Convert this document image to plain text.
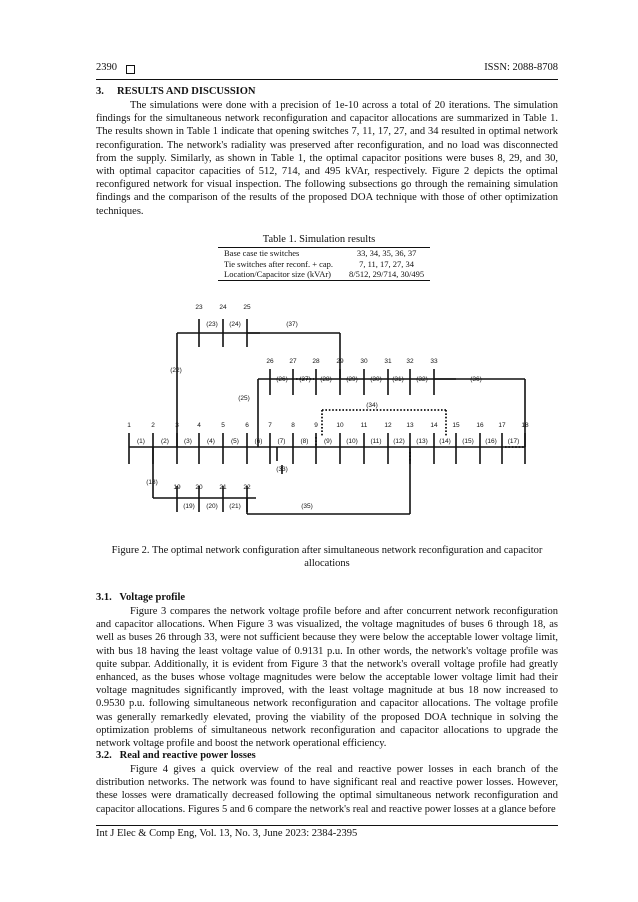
2390	ISSN: 2088-8708
3.     RESULTS AND DISCUSSION

The simulations were done with a precision of 1e-10 across a total of 20 iterations. The simulation findings for the simultaneous network reconfiguration and capacitor allocations are summarized in Table 1. The results shown in Table 1 indicate that opening switches 7, 11, 17, 27, and 34 resulted in optimal network reconfiguration. The network's radiality was preserved after reconfiguration, and no load was disconnected from the supply. Similarly, as shown in Table 1, the optimal capacitor positions were buses 8, 29, and 30, with optimal capacitor capacities of 512, 714, and 495 kVAr, respectively. Figure 2 depicts the optimal reconfigured network for visual inspection. The following subsections go through the remaining simulation findings and the comparison of the results of the proposed DOA technique with those of other optimization techniques.

Table 1. Simulation results
Base case tie switches	33, 34, 35, 36, 37
Tie switches after reconf. + cap.	7, 11, 17, 27, 34
Location/Capacitor size (kVAr)	8/512, 29/714, 30/495
1	2	3	4	5	6	7	8	9	10	11	12 13	14 15	16 17 18
(1) (2) (3) (4) (5) (6) (7) (8) (9) (10) (11) (12) (13) (14) (15) (16) (17)
19 20	21	22
(18)
(19) (20) (21)	(35)
23	24	25
(22)
(23) (24)	(37)
(25)
26 27 28	29	30	31 32	33
(26) (27) (28) (29) (30) (31) (32)	(36)
(33)
(34)
Figure 2. The optimal network configuration after simultaneous network reconfiguration and capacitor allocations
3.1.   Voltage profile

Figure 3 compares the network voltage profile before and after concurrent network reconfiguration and capacitor allocations. When Figure 3 was visualized, the voltage magnitudes of buses 6 through 18, as well as buses 26 through 33, were not sufficient because they were below the acceptable lower voltage limit, with bus 18 having the least voltage value of 0.9131 p.u. In other words, the network's voltage profile was quite subpar. Additionally, it is evident from Figure 3 that the network's overall voltage profile had greatly enhanced, as the buses whose voltage magnitudes were below the acceptable lower voltage limit had their voltage magnitudes significantly improved, with the least voltage magnitude at bus 18 now increased to 0.9530 p.u. following simultaneous network reconfiguration and capacitor allocations. The voltage profile was generally remarkedly elevated, proving the viability of the proposed DOA technique in solving the optimization problems of simultaneous network reconfiguration and capacitor allocations to upgrade the network voltage profile and boost the network operational efficiency.

3.2.   Real and reactive power losses

Figure 4 gives a quick overview of the real and reactive power losses in each branch of the distribution networks. The network was found to have significant real and reactive power losses. However, these losses were dramatically decreased following the optimal simultaneous network reconfiguration and capacitor allocations. Figures 5 and 6 compare the network's real and reactive power losses at a glance before

Int J Elec & Comp Eng, Vol. 13, No. 3, June 2023: 2384-2395
